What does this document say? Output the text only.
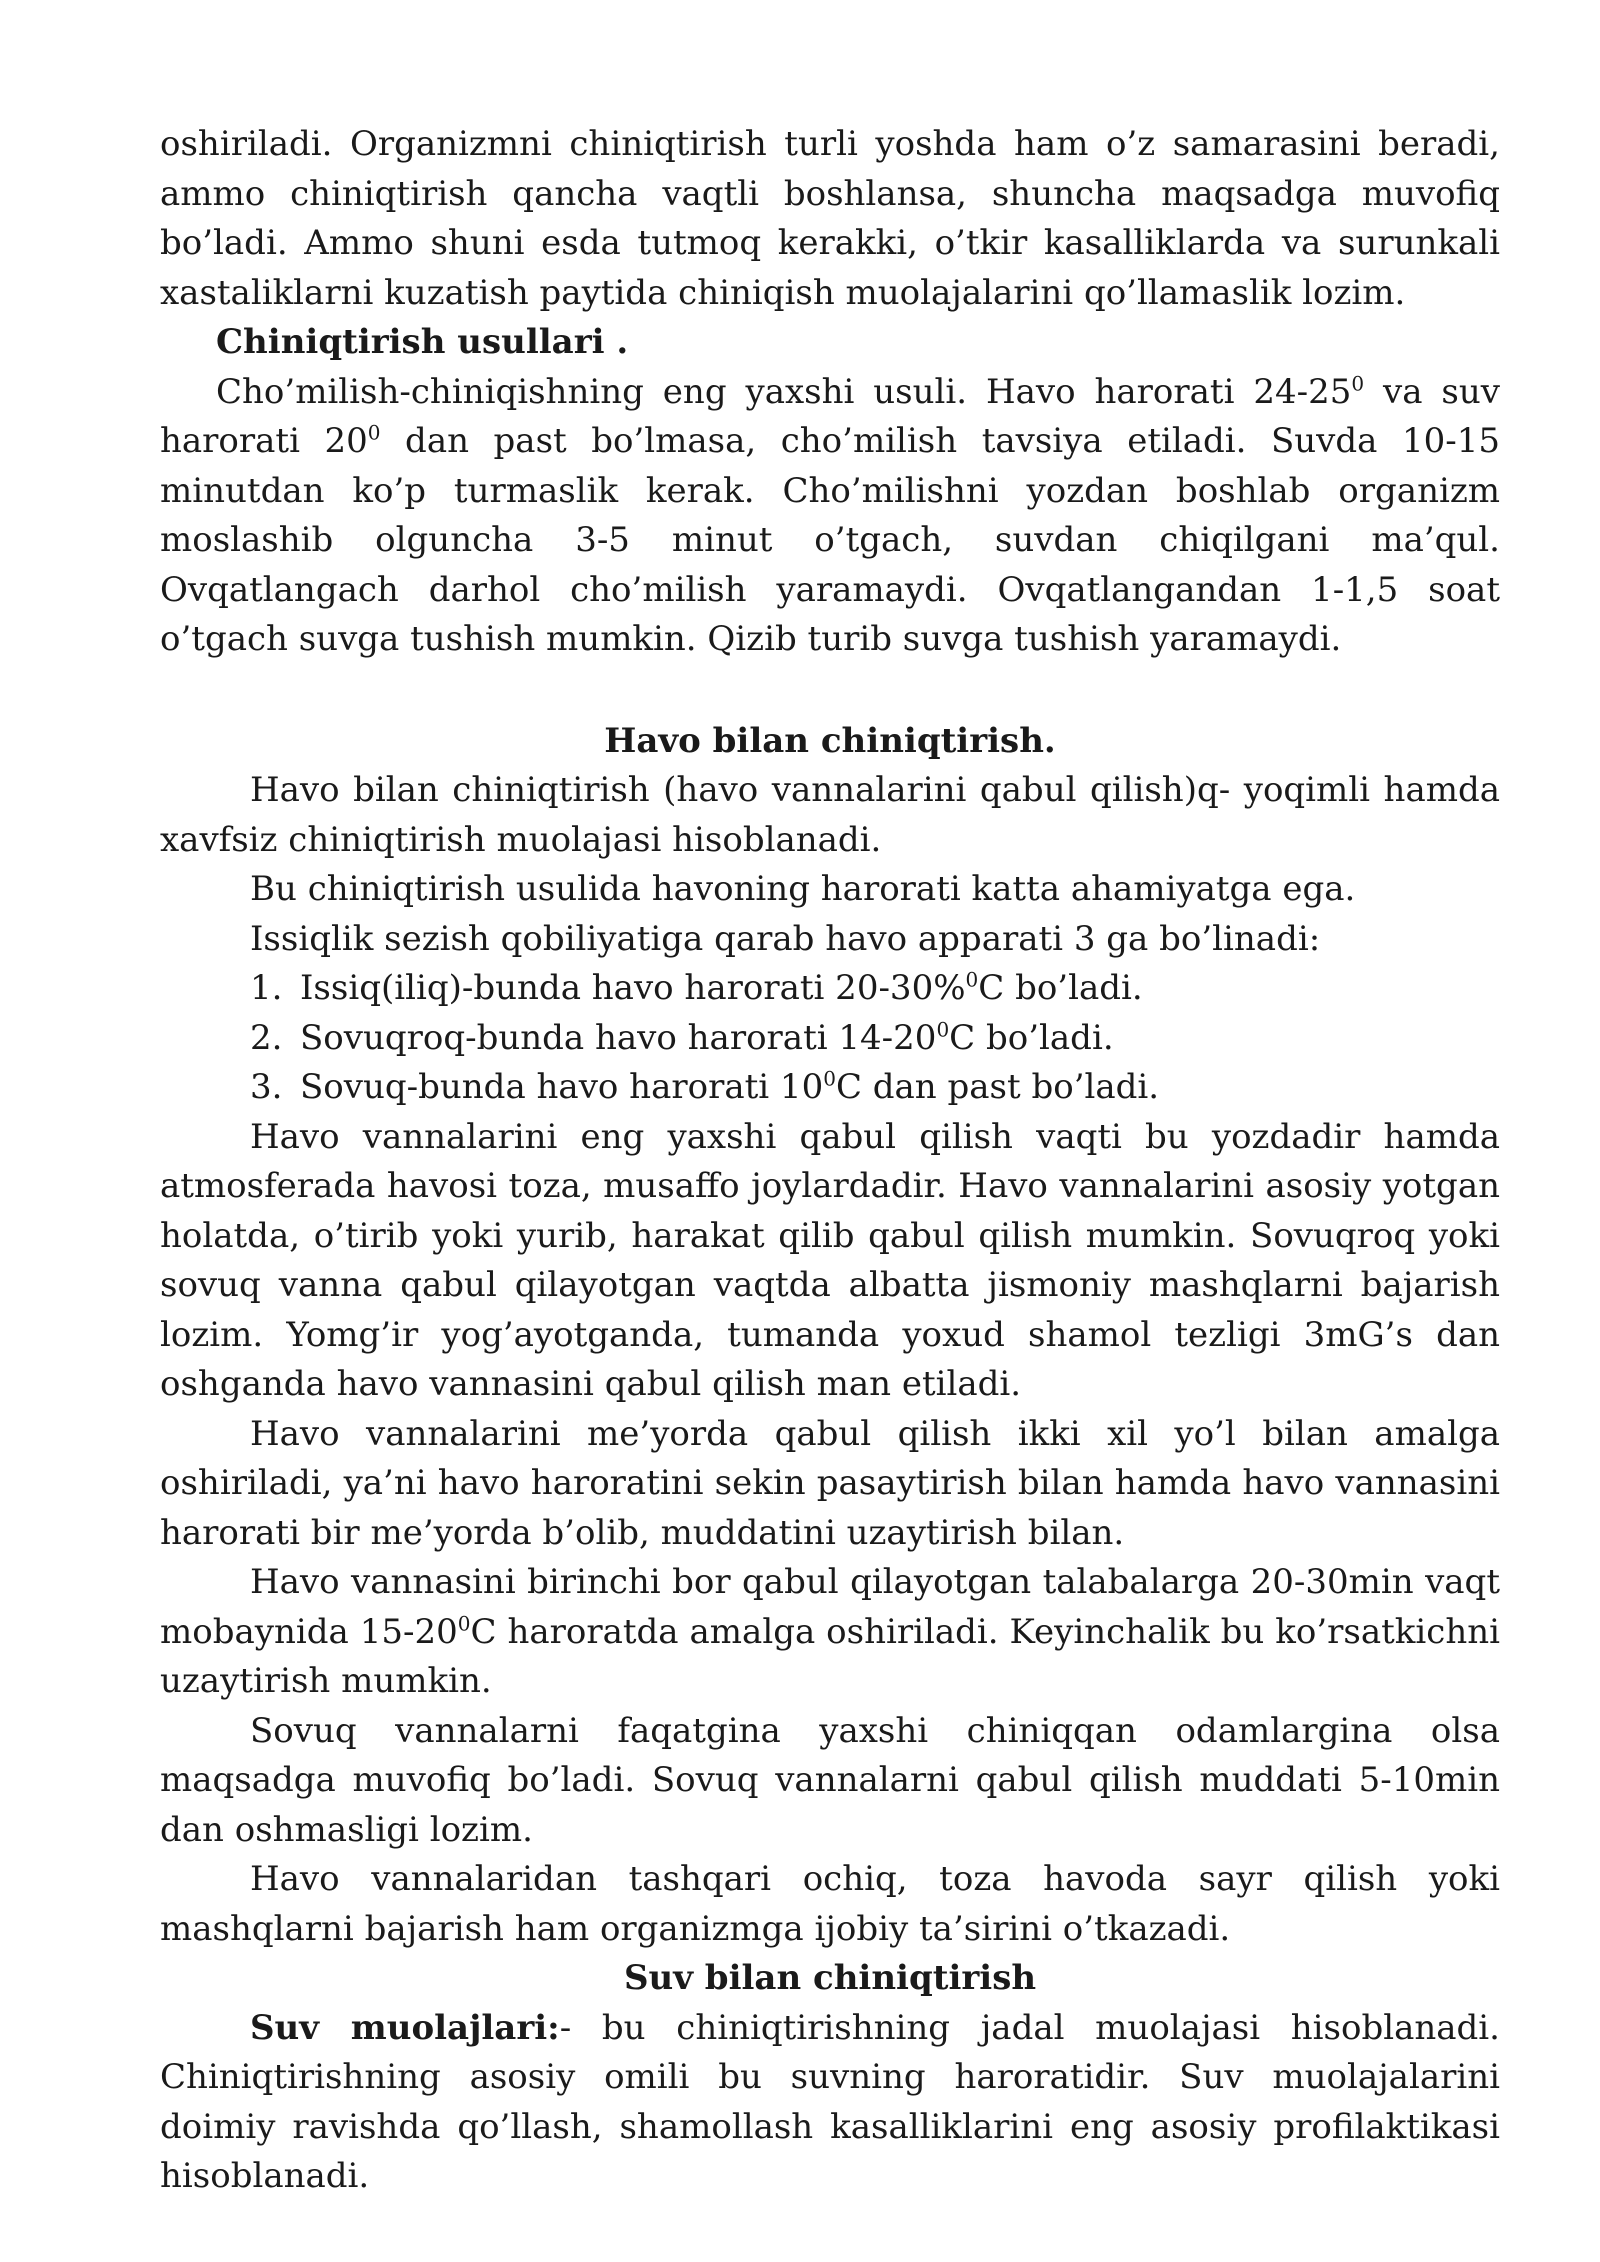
oshiriladi. Organizmni chiniqtirish turli yoshda ham o’z samarasini beradi, ammo chiniqtirish qancha vaqtli boshlansa, shuncha maqsadga muvofiq bo’ladi. Ammo shuni esda tutmoq kerakki, o’tkir kasalliklarda va surunkali xastaliklarni kuzatish paytida chiniqish muolajalarini qo’llamaslik lozim.

Chiniqtirish usullari .

Cho’milish-chiniqishning eng yaxshi usuli. Havo harorati $24-25^0$ va suv harorati $20^0$ dan past bo’lmasa, cho’milish tavsiya etiladi. Suvda 10-15 minutdan ko’p turmaslik kerak. Cho’milishni yozdan boshlab organizm moslashib olguncha 3-5 minut o’tgach, suvdan chiqilgani ma’qul. Ovqatlangach darhol cho’milish yaramaydi. Ovqatlangandan 1-1,5 soat o’tgach suvga tushish mumkin. Qizib turib suvga tushish yaramaydi.

Havo bilan chiniqtirish.

Havo bilan chiniqtirish (havo vannalarini qabul qilish)q- yoqimli hamda xavfsiz chiniqtirish muolajasi hisoblanadi.

Bu chiniqtirish usulida havoning harorati katta ahamiyatga ega.

Issiqlik sezish qobiliyatiga qarab havo apparati 3 ga bo’linadi:

1. Issiq(iliq)-bunda havo harorati 20-30%$^0$C bo’ladi.
2. Sovuqroq-bunda havo harorati $14-20^0C$ bo’ladi.
3. Sovuq-bunda havo harorati $10^0C$ dan past bo’ladi.

Havo vannalarini eng yaxshi qabul qilish vaqti bu yozdadir hamda atmosferada havosi toza, musaffo joylardadir. Havo vannalarini asosiy yotgan holatda, o’tirib yoki yurib, harakat qilib qabul qilish mumkin. Sovuqroq yoki sovuq vanna qabul qilayotgan vaqtda albatta jismoniy mashqlarni bajarish lozim. Yomg’ir yog’ayotganda, tumanda yoxud shamol tezligi 3mG’s dan oshganda havo vannasini qabul qilish man etiladi.

Havo vannalarini me’yorda qabul qilish ikki xil yo’l bilan amalga oshiriladi, ya’ni havo haroratini sekin pasaytirish bilan hamda havo vannasini harorati bir me’yorda b’olib, muddatini uzaytirish bilan.

Havo vannasini birinchi bor qabul qilayotgan talabalarga 20-30min vaqt mobaynida $15-20^0C$ haroratda amalga oshiriladi. Keyinchalik bu ko’rsatkichni uzaytirish mumkin.

Sovuq vannalarni faqatgina yaxshi chiniqqan odamlargina olsa maqsadga muvofiq bo’ladi. Sovuq vannalarni qabul qilish muddati 5-10min dan oshmasligi lozim.

Havo vannalaridan tashqari ochiq, toza havoda sayr qilish yoki mashqlarni bajarish ham organizmga ijobiy ta’sirini o’tkazadi.

Suv bilan chiniqtirish

Suv muolajlari:- bu chiniqtirishning jadal muolajasi hisoblanadi. Chiniqtirishning asosiy omili bu suvning haroratidir. Suv muolajalarini doimiy ravishda qo’llash, shamollash kasalliklarini eng asosiy profilaktikasi hisoblanadi.
